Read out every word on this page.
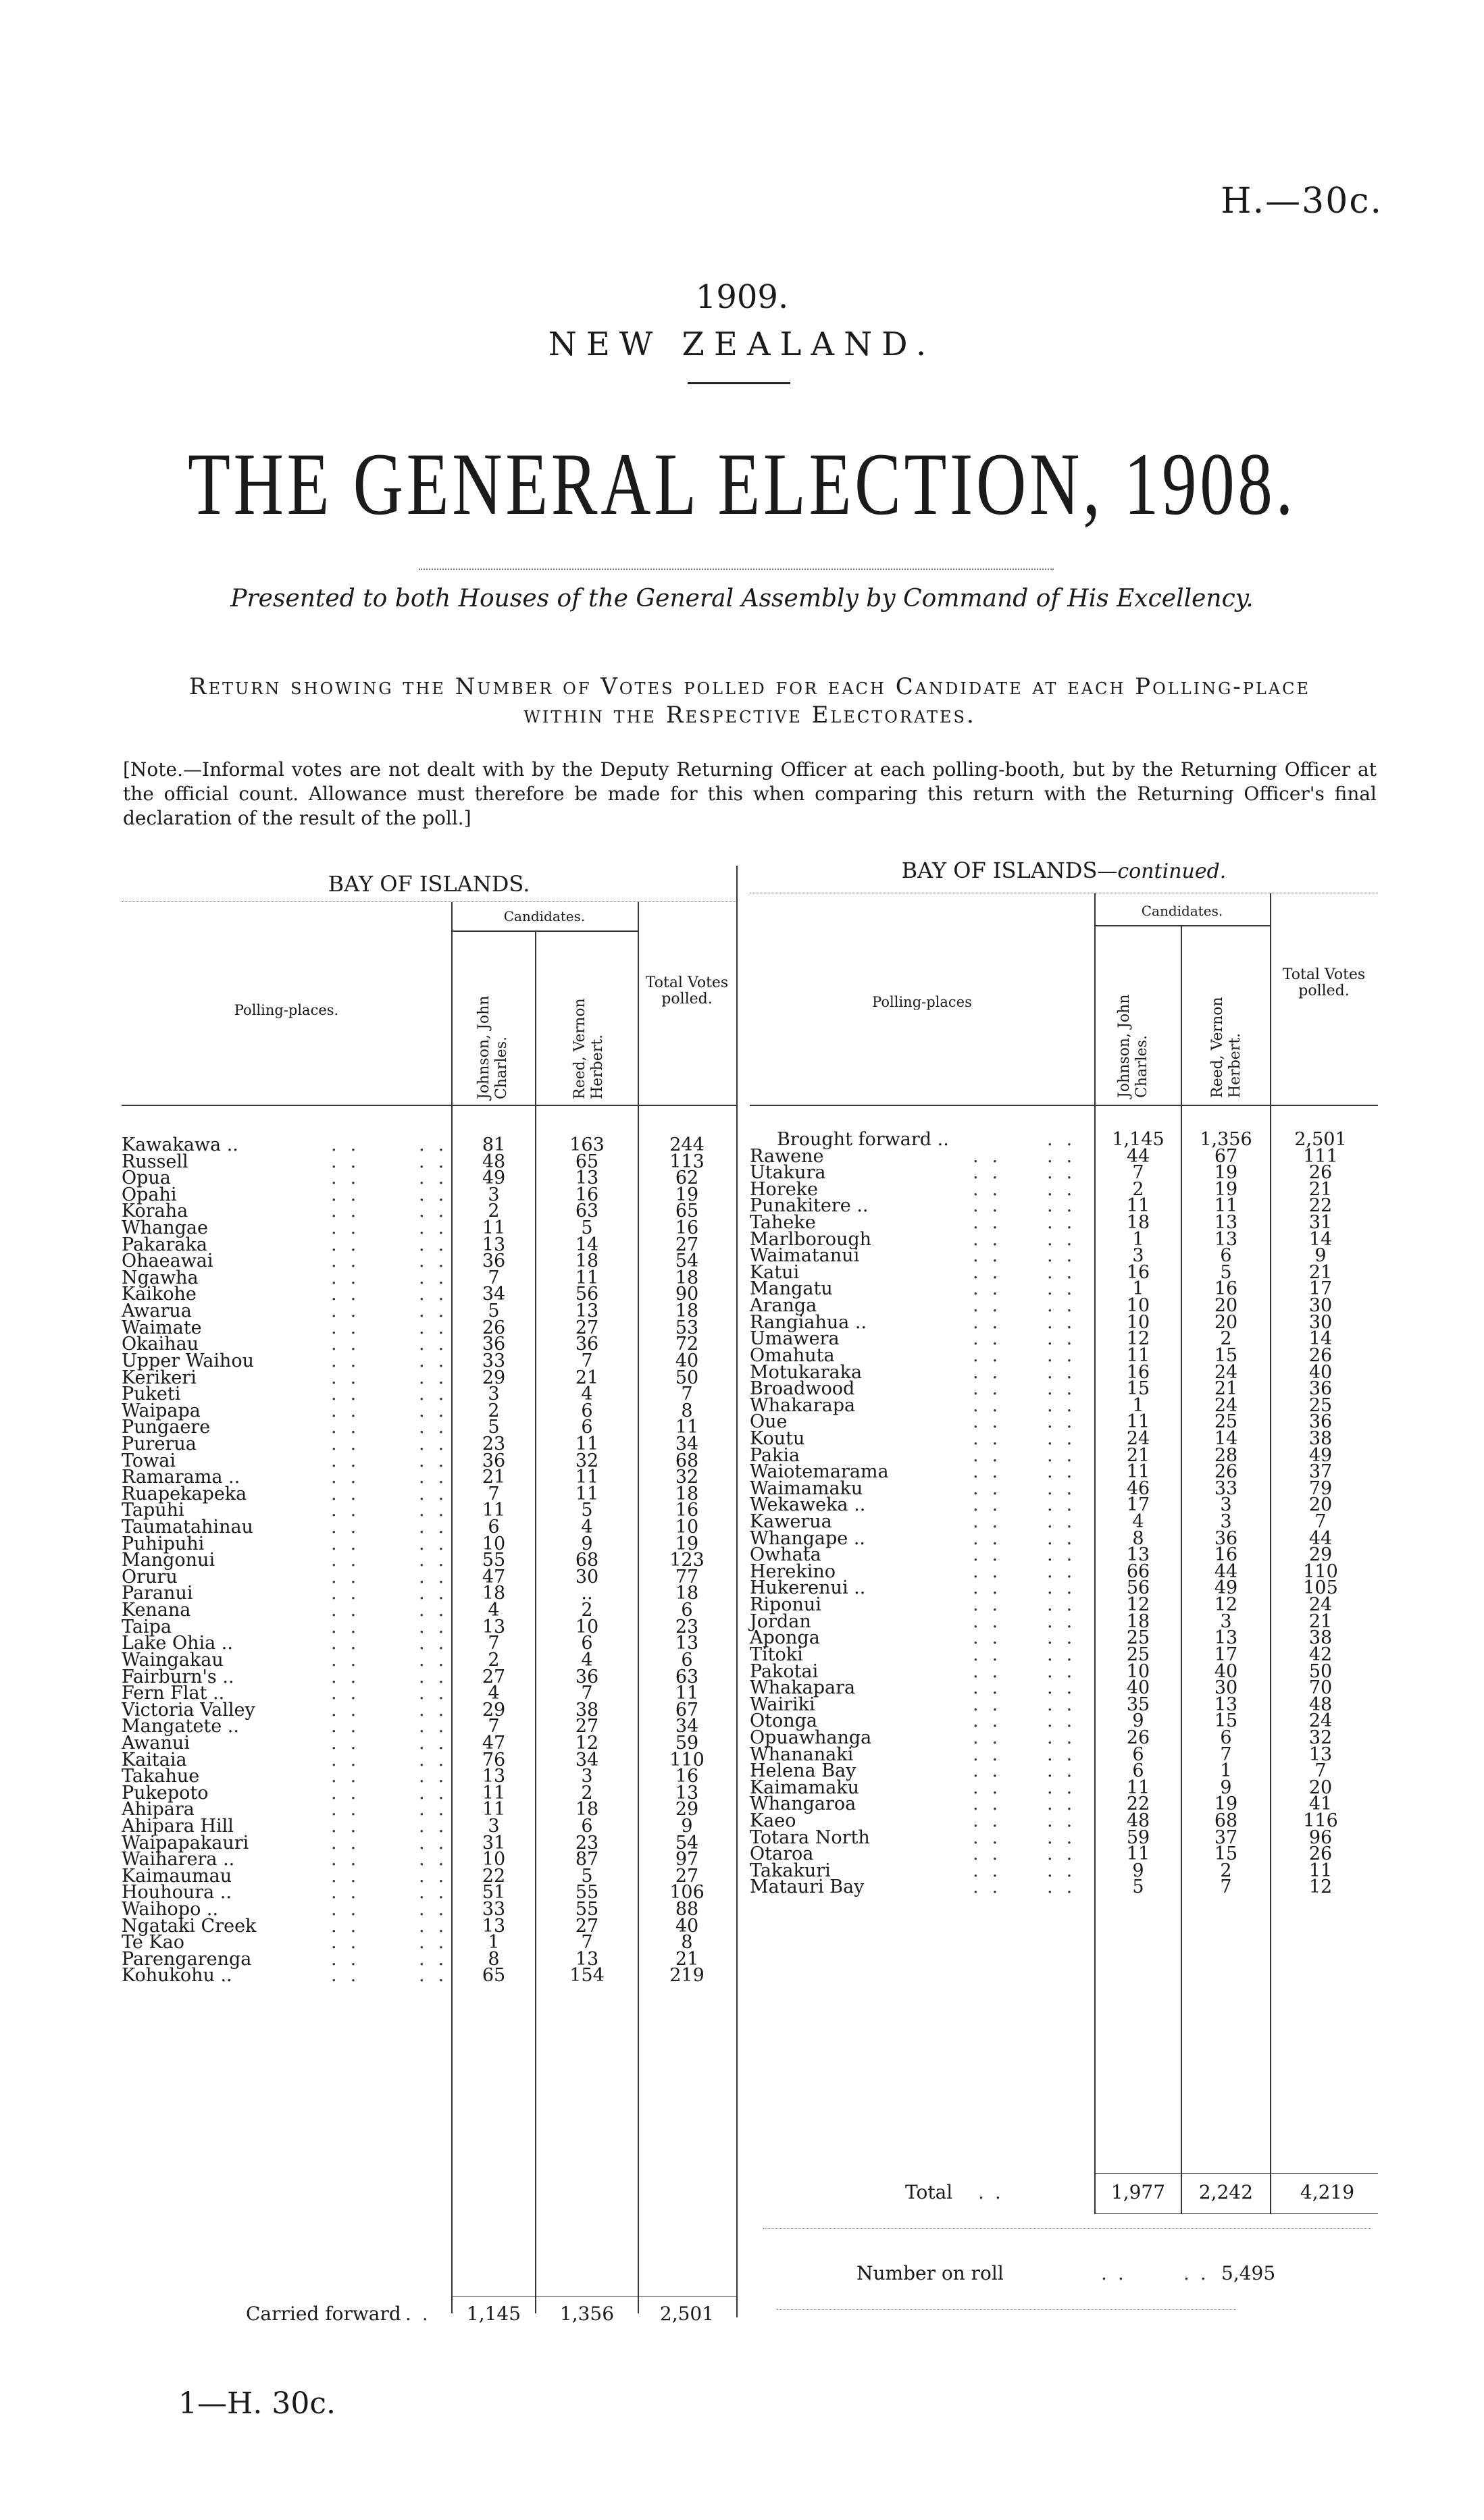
H.—30c.
1909.
NEW ZEALAND.
THE GENERAL ELECTION, 1908.
Presented to both Houses of the General Assembly by Command of His Excellency.
Return showing the Number of Votes polled for each Candidate at each Polling-place
within the Respective Electorates.
[Note.—Informal votes are not dealt with by the Deputy Returning Officer at each polling-booth, but by the Returning Officer at the official count. Allowance must therefore be made for this when comparing this return with the Returning Officer's final declaration of the result of the poll.]
BAY OF ISLANDS.
Candidates.
Polling-places.	Johnson, John Charles.	Reed, Vernon Herbert.
Total Votes polled.
Kawakawa ..	..	..	81	163	244
Russell	..	..	48	65	113
Opua	..	..	49	13	62
Opahi	..	..	3	16	19
Koraha	..	..	2	63	65
Whangae	..	..	11	5	16
Pakaraka	..	..	13	14	27
Ohaeawai	..	..	36	18	54
Ngawha	..	..	7	11	18
Kaikohe	..	..	34	56	90
Awarua	..	..	5	13	18
Waimate	..	..	26	27	53
Okaihau	..	..	36	36	72
Upper Waihou	..	..	33	7	40
Kerikeri	..	..	29	21	50
Puketi	..	..	3	4	7
Waipapa	..	..	2	6	8
Pungaere	..	..	5	6	11
Purerua	..	..	23	11	34
Towai	..	..	36	32	68
Ramarama ..	..	..	21	11	32
Ruapekapeka	..	..	7	11	18
Tapuhi	..	..	11	5	16
Taumatahinau	..	..	6	4	10
Puhipuhi	..	..	10	9	19
Mangonui	..	..	55	68	123
Oruru	..	..	47	30	77
Paranui	..	..	18	..	18
Kenana	..	..	4	2	6
Taipa	..	..	13	10	23
Lake Ohia ..	..	..	7	6	13
Waingakau	..	..	2	4	6
Fairburn's ..	..	..	27	36	63
Fern Flat ..	..	..	4	7	11
Victoria Valley	..	..	29	38	67
Mangatete ..	..	..	7	27	34
Awanui	..	..	47	12	59
Kaitaia	..	..	76	34	110
Takahue	..	..	13	3	16
Pukepoto	..	..	11	2	13
Ahipara	..	..	11	18	29
Ahipara Hill	..	..	3	6	9
Waipapakauri	..	..	31	23	54
Waiharera ..	..	..	10	87	97
Kaimaumau	..	..	22	5	27
Houhoura ..	..	..	51	55	106
Waihopo ..	..	..	33	55	88
Ngataki Creek	..	..	13	27	40
Te Kao	..	..	1	7	8
Parengarenga	..	..	8	13	21
Kohukohu ..	..	..	65	154	219
Carried forward ..	1,145	1,356	2,501
BAY OF ISLANDS—continued.
Candidates.
Polling-places	Johnson, John Charles.	Reed, Vernon Herbert.
Total Votes polled.
Brought forward ..	..	1,145	1,356	2,501
Rawene	.. ..	44	67	111
Utakura	.. ..	7	19	26
Horeke	.. ..	2	19	21
Punakitere ..	.. ..	11	11	22
Taheke	.. ..	18	13	31
Marlborough	.. ..	1	13	14
Waimatanui	.. ..	3	6	9
Katui	.. ..	16	5	21
Mangatu	.. ..	1	16	17
Aranga	.. ..	10	20	30
Rangiahua ..	.. ..	10	20	30
Umawera	.. ..	12	2	14
Omahuta	.. ..	11	15	26
Motukaraka	.. ..	16	24	40
Broadwood	.. ..	15	21	36
Whakarapa	.. ..	1	24	25
Oue	.. ..	11	25	36
Koutu	.. ..	24	14	38
Pakia	.. ..	21	28	49
Waiotemarama	.. ..	11	26	37
Waimamaku	.. ..	46	33	79
Wekaweka ..	.. ..	17	3	20
Kaweruа	.. ..	4	3	7
Whangape ..	.. ..	8	36	44
Owhata	.. ..	13	16	29
Herekino	.. ..	66	44	110
Hukerenui ..	.. ..	56	49	105
Riponui	.. ..	12	12	24
Jordan	.. ..	18	3	21
Aponga	.. ..	25	13	38
Titoki	.. ..	25	17	42
Pakotai	.. ..	10	40	50
Whakapara	.. ..	40	30	70
Wairiki	.. ..	35	13	48
Otonga	.. ..	9	15	24
Opuawhanga	.. ..	26	6	32
Whananaki	.. ..	6	7	13
Helena Bay	.. ..	6	1	7
Kaimamaku	.. ..	11	9	20
Whangaroa	.. ..	22	19	41
Kaeo	.. ..	48	68	116
Totara North	.. ..	59	37	96
Otaroa	.. ..	11	15	26
Takakuri	.. ..	9	2	11
Matauri Bay	.. ..	5	7	12
Total ..	1,977	2,242	4,219
Number on roll	..	.. 5,495
1—H. 30c.
